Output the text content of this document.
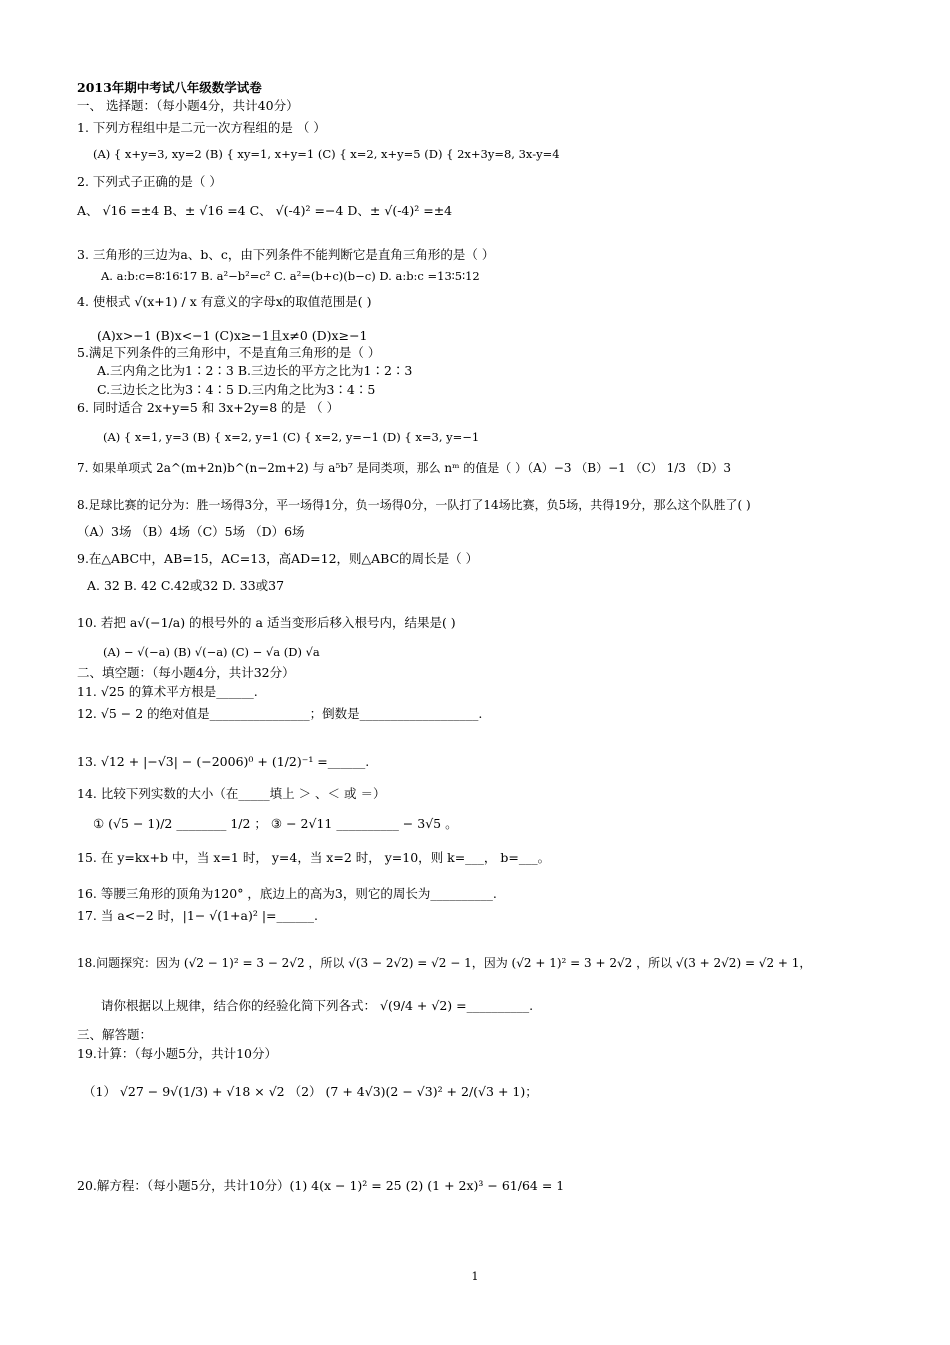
2013年期中考试八年级数学试卷
一、 选择题：（每小题4分，共计40分）
1. 下列方程组中是二元一次方程组的是 （ ）
(A) { x+y=3, xy=2 (B) { xy=1, x+y=1 (C) { x=2, x+y=5 (D) { 2x+3y=8, 3x-y=4
2. 下列式子正确的是（ ）
A、 √16 =±4 B、± √16 =4 C、 √(-4)² =−4 D、± √(-4)² =±4
3. 三角形的三边为a、b、c，由下列条件不能判断它是直角三角形的是（ ）
A. a:b:c=8∶16∶17 B. a²−b²=c² C. a²=(b+c)(b−c) D. a:b:c =13∶5∶12
4. 使根式 √(x+1) / x 有意义的字母x的取值范围是( )
(A)x>−1 (B)x<−1 (C)x≥−1且x≠0 (D)x≥−1
5.满足下列条件的三角形中，不是直角三角形的是（ ）
A.三内角之比为1∶2∶3 B.三边长的平方之比为1∶2∶3
C.三边长之比为3∶4∶5 D.三内角之比为3∶4∶5
6. 同时适合 2x+y=5 和 3x+2y=8 的是 （ ）
(A) { x=1, y=3 (B) { x=2, y=1 (C) { x=2, y=−1 (D) { x=3, y=−1
7. 如果单项式 2a^(m+2n)b^(n−2m+2) 与 a⁵b⁷ 是同类项，那么 nᵐ 的值是（ ）（A）−3 （B）−1 （C） 1/3 （D）3
8.足球比赛的记分为：胜一场得3分，平一场得1分，负一场得0分，一队打了14场比赛，负5场，共得19分，那么这个队胜了( )
（A）3场 （B）4场（C）5场 （D）6场
9.在△ABC中，AB=15，AC=13，高AD=12，则△ABC的周长是（ ）
A. 32 B. 42 C.42或32 D. 33或37
10. 若把 a√(−1/a) 的根号外的 a 适当变形后移入根号内，结果是( )
(A) − √(−a) (B) √(−a) (C) − √a (D) √a
二、填空题：（每小题4分，共计32分）
11. √25 的算术平方根是______.
12. √5 − 2 的绝对值是________________；倒数是___________________.
13. √12 + |−√3| − (−2006)⁰ + (1/2)⁻¹ =______.
14. 比较下列实数的大小（在_____填上 ＞ 、＜ 或 ＝）
① (√5 − 1)/2 ________ 1/2 ； ③ − 2√11 __________ − 3√5 。
15. 在 y=kx+b 中，当 x=1 时， y=4，当 x=2 时， y=10，则 k=___， b=___。
16. 等腰三角形的顶角为120° ，底边上的高为3，则它的周长为__________.
17. 当 a<−2 时，|1− √(1+a)² |=______.
18.问题探究：因为 (√2 − 1)² = 3 − 2√2 ，所以 √(3 − 2√2) = √2 − 1，因为 (√2 + 1)² = 3 + 2√2 ，所以 √(3 + 2√2) = √2 + 1，
请你根据以上规律，结合你的经验化简下列各式： √(9/4 + √2) =__________.
三、解答题：
19.计算：（每小题5分，共计10分）
（1） √27 − 9√(1/3) + √18 × √2 （2） (7 + 4√3)(2 − √3)² + 2/(√3 + 1)；
20.解方程：（每小题5分，共计10分）(1) 4(x − 1)² = 25 (2) (1 + 2x)³ − 61/64 = 1
1
